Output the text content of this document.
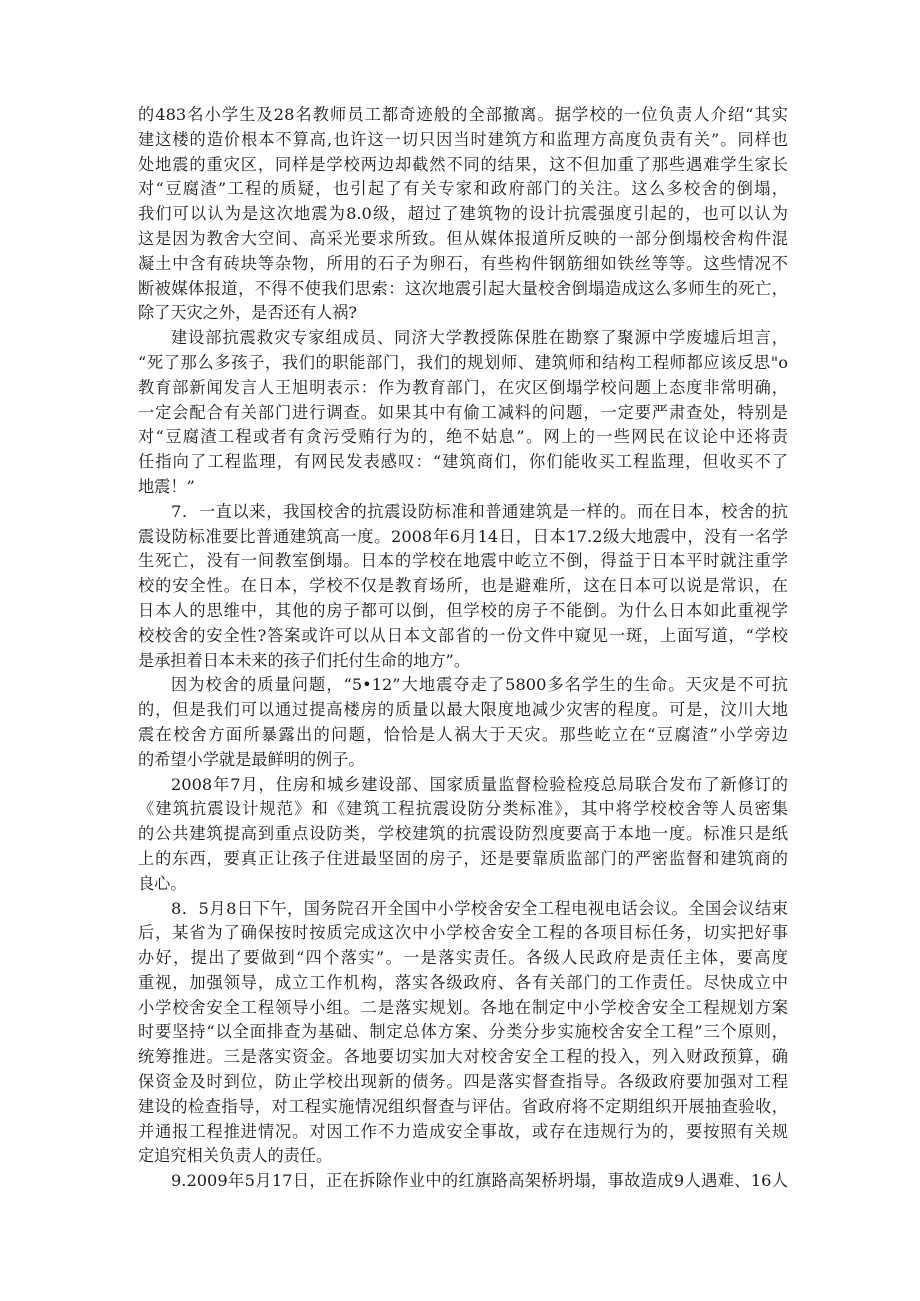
的483名小学生及28名教师员工都奇迹般的全部撤离。据学校的一位负责人介绍“其实
建这楼的造价根本不算高,也许这一切只因当时建筑方和监理方高度负责有关”。同样也
处地震的重灾区，同样是学校两边却截然不同的结果，这不但加重了那些遇难学生家长
对“豆腐渣”工程的质疑，也引起了有关专家和政府部门的关注。这么多校舍的倒塌，
我们可以认为是这次地震为8.0级，超过了建筑物的设计抗震强度引起的，也可以认为
这是因为教舍大空间、高采光要求所致。但从媒体报道所反映的一部分倒塌校舍构件混
凝土中含有砖块等杂物，所用的石子为卵石，有些构件钢筋细如铁丝等等。这些情况不
断被媒体报道，不得不使我们思索：这次地震引起大量校舍倒塌造成这么多师生的死亡，
除了天灾之外，是否还有人祸?
建设部抗震救灾专家组成员、同济大学教授陈保胜在勘察了聚源中学废墟后坦言，
“死了那么多孩子，我们的职能部门，我们的规划师、建筑师和结构工程师都应该反思"o
教育部新闻发言人王旭明表示：作为教育部门，在灾区倒塌学校问题上态度非常明确，
一定会配合有关部门进行调查。如果其中有偷工减料的问题，一定要严肃查处，特别是
对“豆腐渣工程或者有贪污受贿行为的，绝不姑息”。网上的一些网民在议论中还将责
任指向了工程监理，有网民发表感叹：“建筑商们，你们能收买工程监理，但收买不了
地震！”
7．一直以来，我国校舍的抗震设防标准和普通建筑是一样的。而在日本，校舍的抗
震设防标准要比普通建筑高一度。2008年6月14日，日本17.2级大地震中，没有一名学
生死亡，没有一间教室倒塌。日本的学校在地震中屹立不倒，得益于日本平时就注重学
校的安全性。在日本，学校不仅是教育场所，也是避难所，这在日本可以说是常识，在
日本人的思维中，其他的房子都可以倒，但学校的房子不能倒。为什么日本如此重视学
校校舍的安全性?答案或许可以从日本文部省的一份文件中窥见一斑，上面写道，“学校
是承担着日本未来的孩子们托付生命的地方”。
因为校舍的质量问题，“5•12”大地震夺走了5800多名学生的生命。天灾是不可抗
的，但是我们可以通过提高楼房的质量以最大限度地减少灾害的程度。可是，汶川大地
震在校舍方面所暴露出的问题，恰恰是人祸大于天灾。那些屹立在“豆腐渣”小学旁边
的希望小学就是最鲜明的例子。
2008年7月，住房和城乡建设部、国家质量监督检验检疫总局联合发布了新修订的
《建筑抗震设计规范》和《建筑工程抗震设防分类标准》，其中将学校校舍等人员密集
的公共建筑提高到重点设防类，学校建筑的抗震设防烈度要高于本地一度。标准只是纸
上的东西，要真正让孩子住进最坚固的房子，还是要靠质监部门的严密监督和建筑商的
良心。
8．5月8日下午，国务院召开全国中小学校舍安全工程电视电话会议。全国会议结束
后，某省为了确保按时按质完成这次中小学校舍安全工程的各项目标任务，切实把好事
办好，提出了要做到“四个落实”。一是落实责任。各级人民政府是责任主体，要高度
重视，加强领导，成立工作机构，落实各级政府、各有关部门的工作责任。尽快成立中
小学校舍安全工程领导小组。二是落实规划。各地在制定中小学校舍安全工程规划方案
时要坚持“以全面排查为基础、制定总体方案、分类分步实施校舍安全工程”三个原则，
统筹推进。三是落实资金。各地要切实加大对校舍安全工程的投入，列入财政预算，确
保资金及时到位，防止学校出现新的债务。四是落实督查指导。各级政府要加强对工程
建设的检查指导，对工程实施情况组织督查与评估。省政府将不定期组织开展抽查验收，
并通报工程推进情况。对因工作不力造成安全事故，或存在违规行为的，要按照有关规
定追究相关负责人的责任。
9.2009年5月17日，正在拆除作业中的红旗路高架桥坍塌，事故造成9人遇难、16人
